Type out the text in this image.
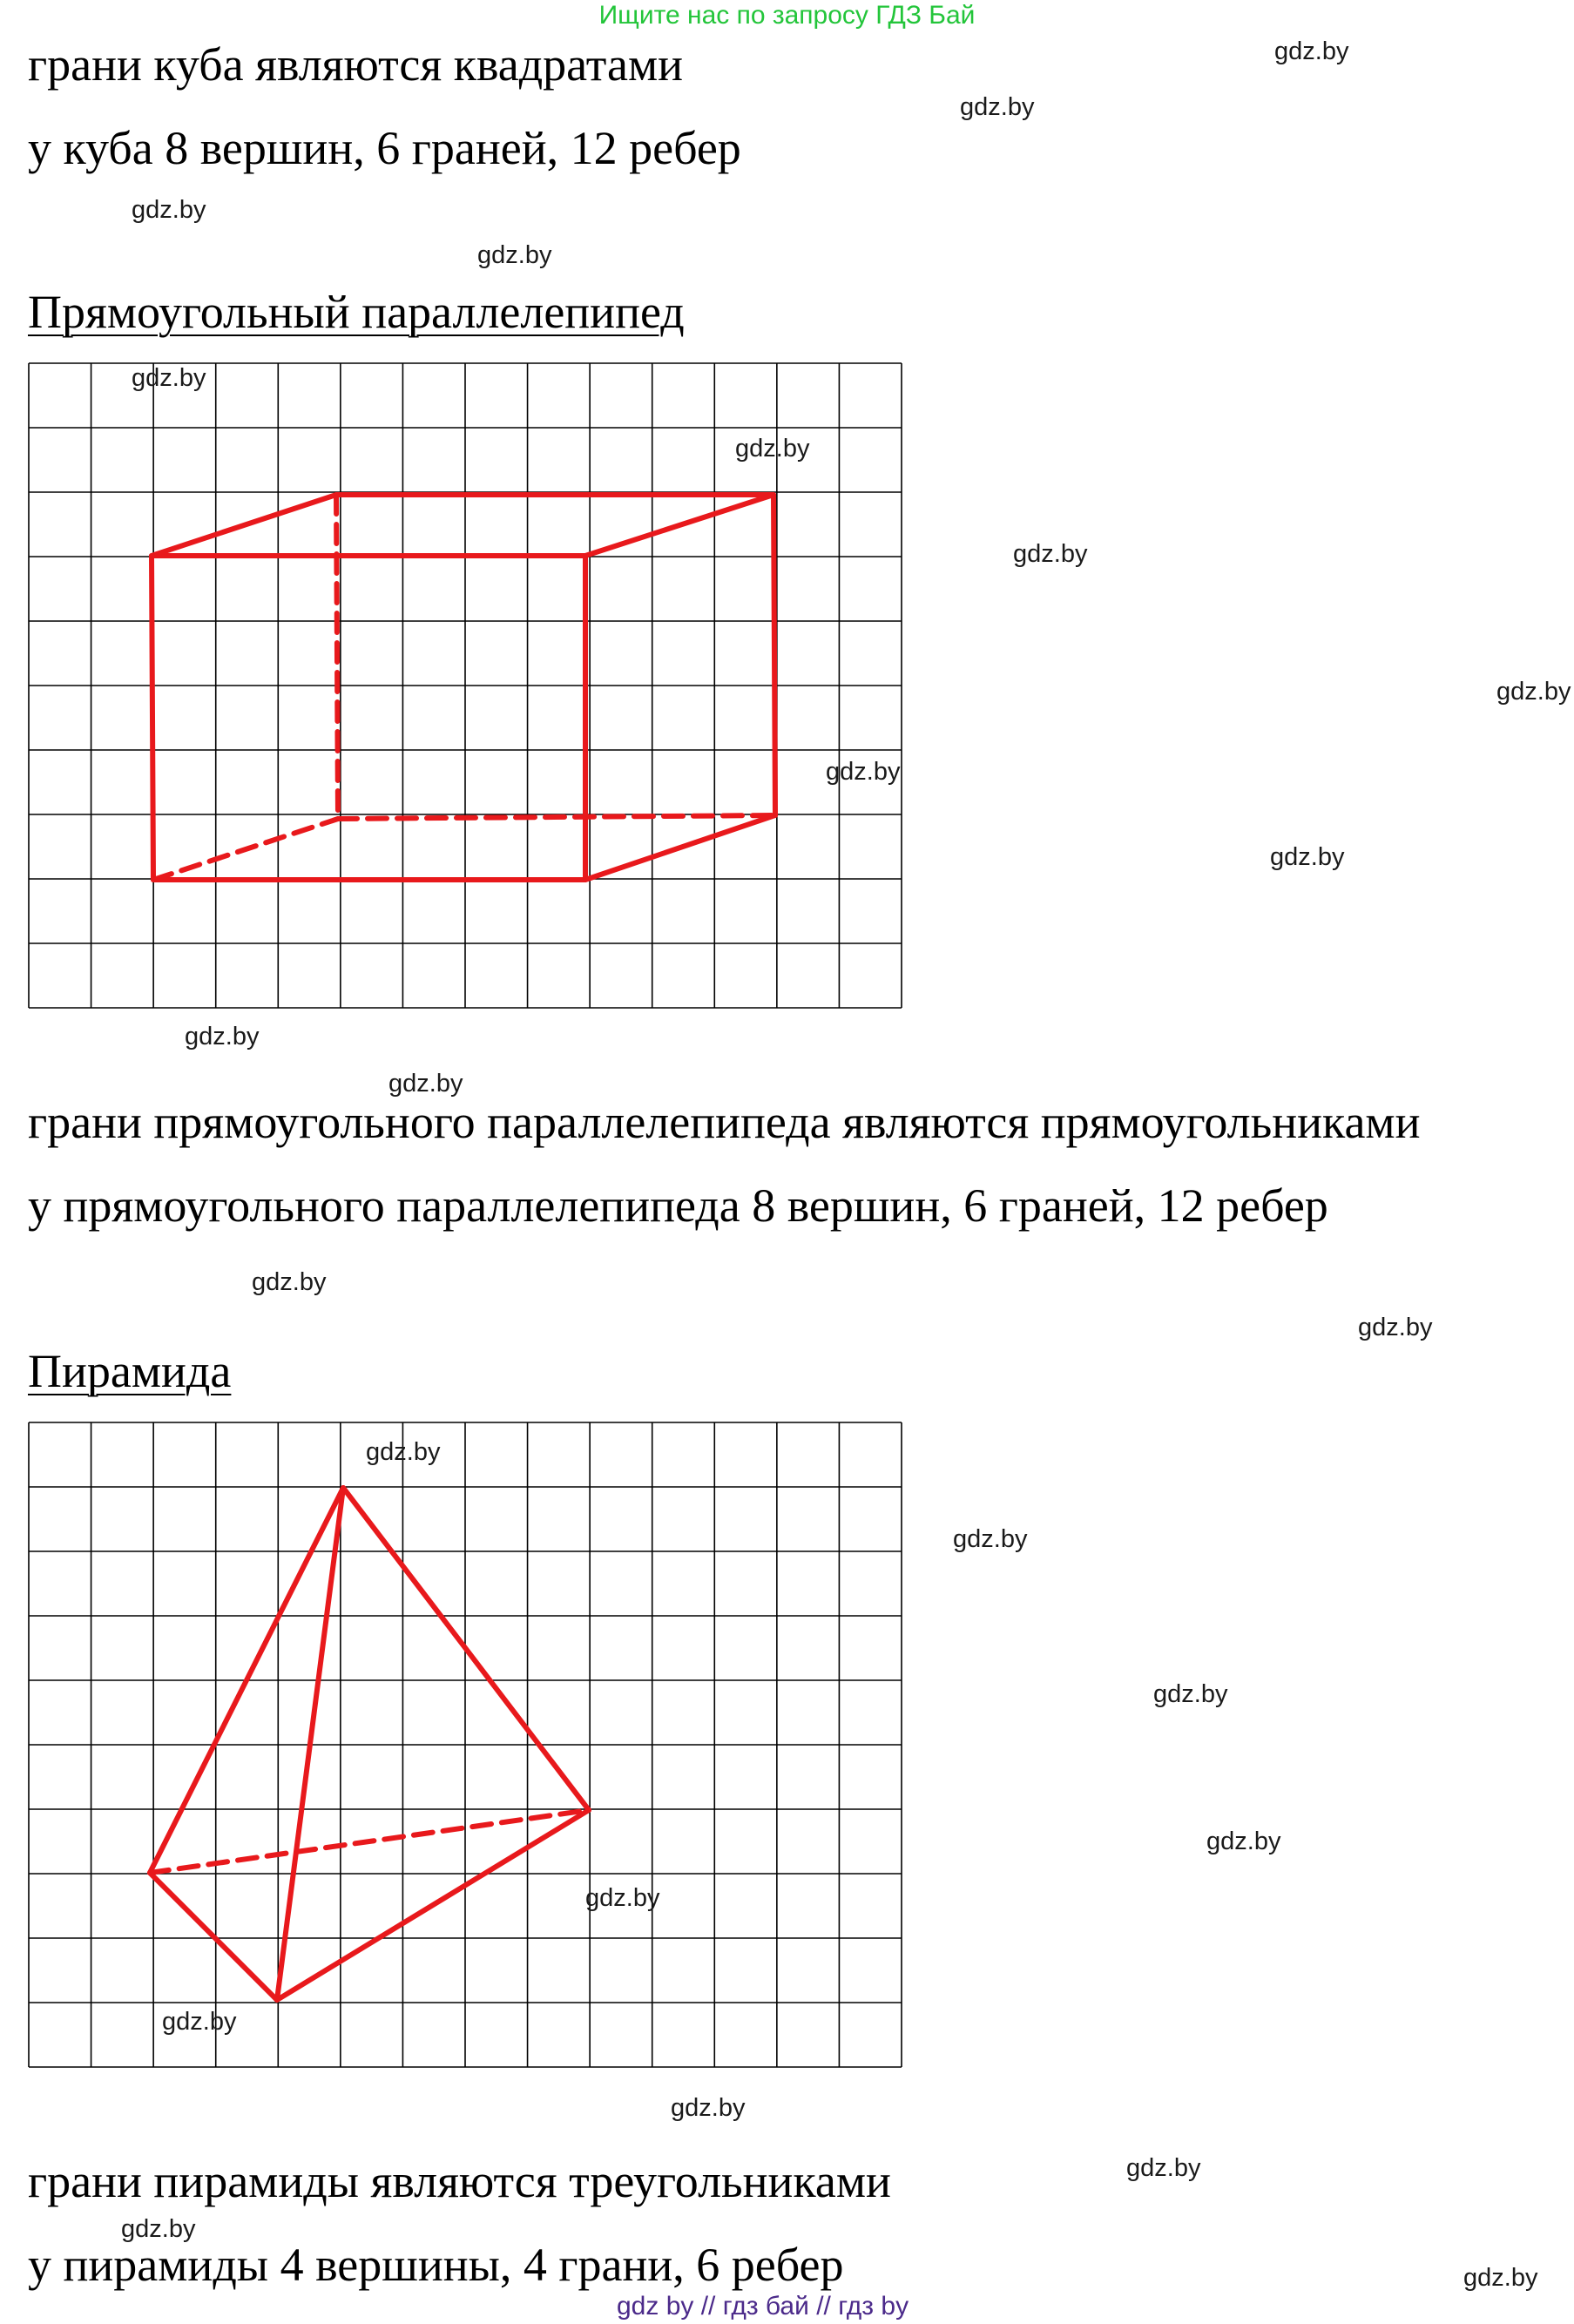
Ищите нас по запросу ГДЗ Бай
грани куба являются квадратами
у куба 8 вершин, 6 граней, 12 ребер
Прямоугольный параллелепипед
грани прямоугольного параллелепипеда являются прямоугольниками
у прямоугольного параллелепипеда 8 вершин, 6 граней, 12 ребер
Пирамида
грани пирамиды являются треугольниками
у пирамиды 4 вершины, 4 грани, 6 ребер
gdz.by
gdz.by
gdz.by
gdz.by
gdz.by
gdz.by
gdz.by
gdz.by
gdz.by
gdz.by
gdz.by
gdz.by
gdz.by
gdz.by
gdz.by
gdz.by
gdz.by
gdz.by
gdz.by
gdz.by
gdz.by
gdz.by
gdz.by
gdz.by
gdz by // гдз бай // гдз by
